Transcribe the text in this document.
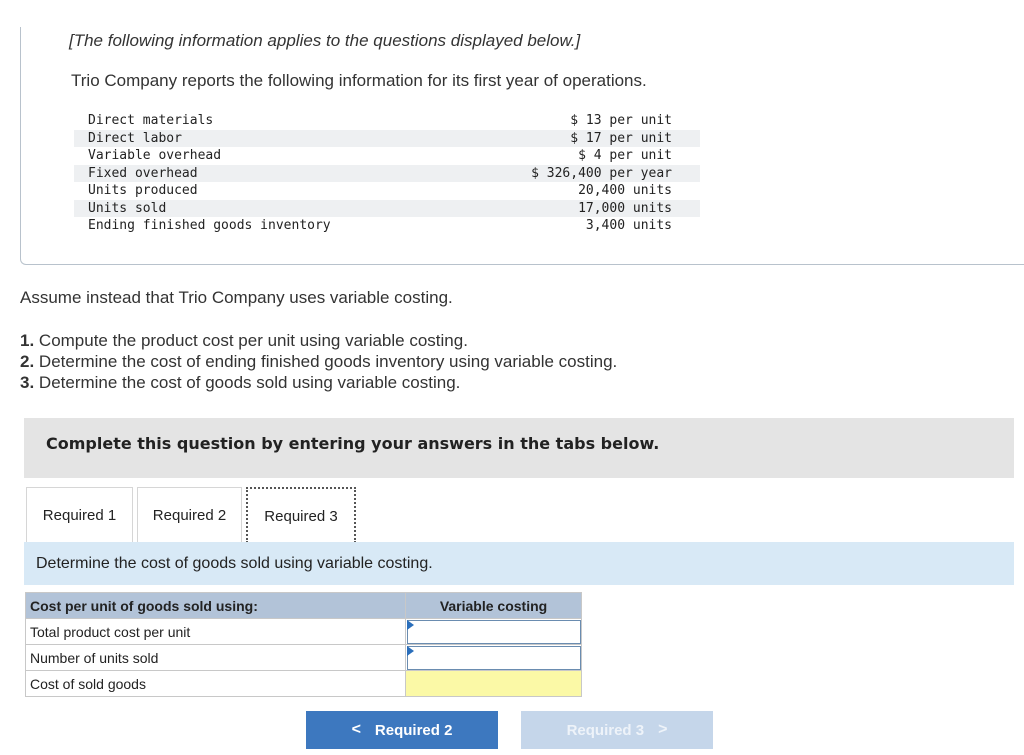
[The following information applies to the questions displayed below.]
Trio Company reports the following information for its first year of operations.
Direct materials	$ 13 per unit
Direct labor	$ 17 per unit
Variable overhead	$ 4 per unit
Fixed overhead	$ 326,400 per year
Units produced	20,400 units
Units sold	17,000 units
Ending finished goods inventory	3,400 units
Assume instead that Trio Company uses variable costing.
1. Compute the product cost per unit using variable costing.
2. Determine the cost of ending finished goods inventory using variable costing.
3. Determine the cost of goods sold using variable costing.
Complete this question by entering your answers in the tabs below.
Required 1	Required 2	Required 3
Determine the cost of goods sold using variable costing.
Cost per unit of goods sold using:	Variable costing
Total product cost per unit	

Number of units sold	

Cost of sold goods	
< Required 2	Required 3 >
